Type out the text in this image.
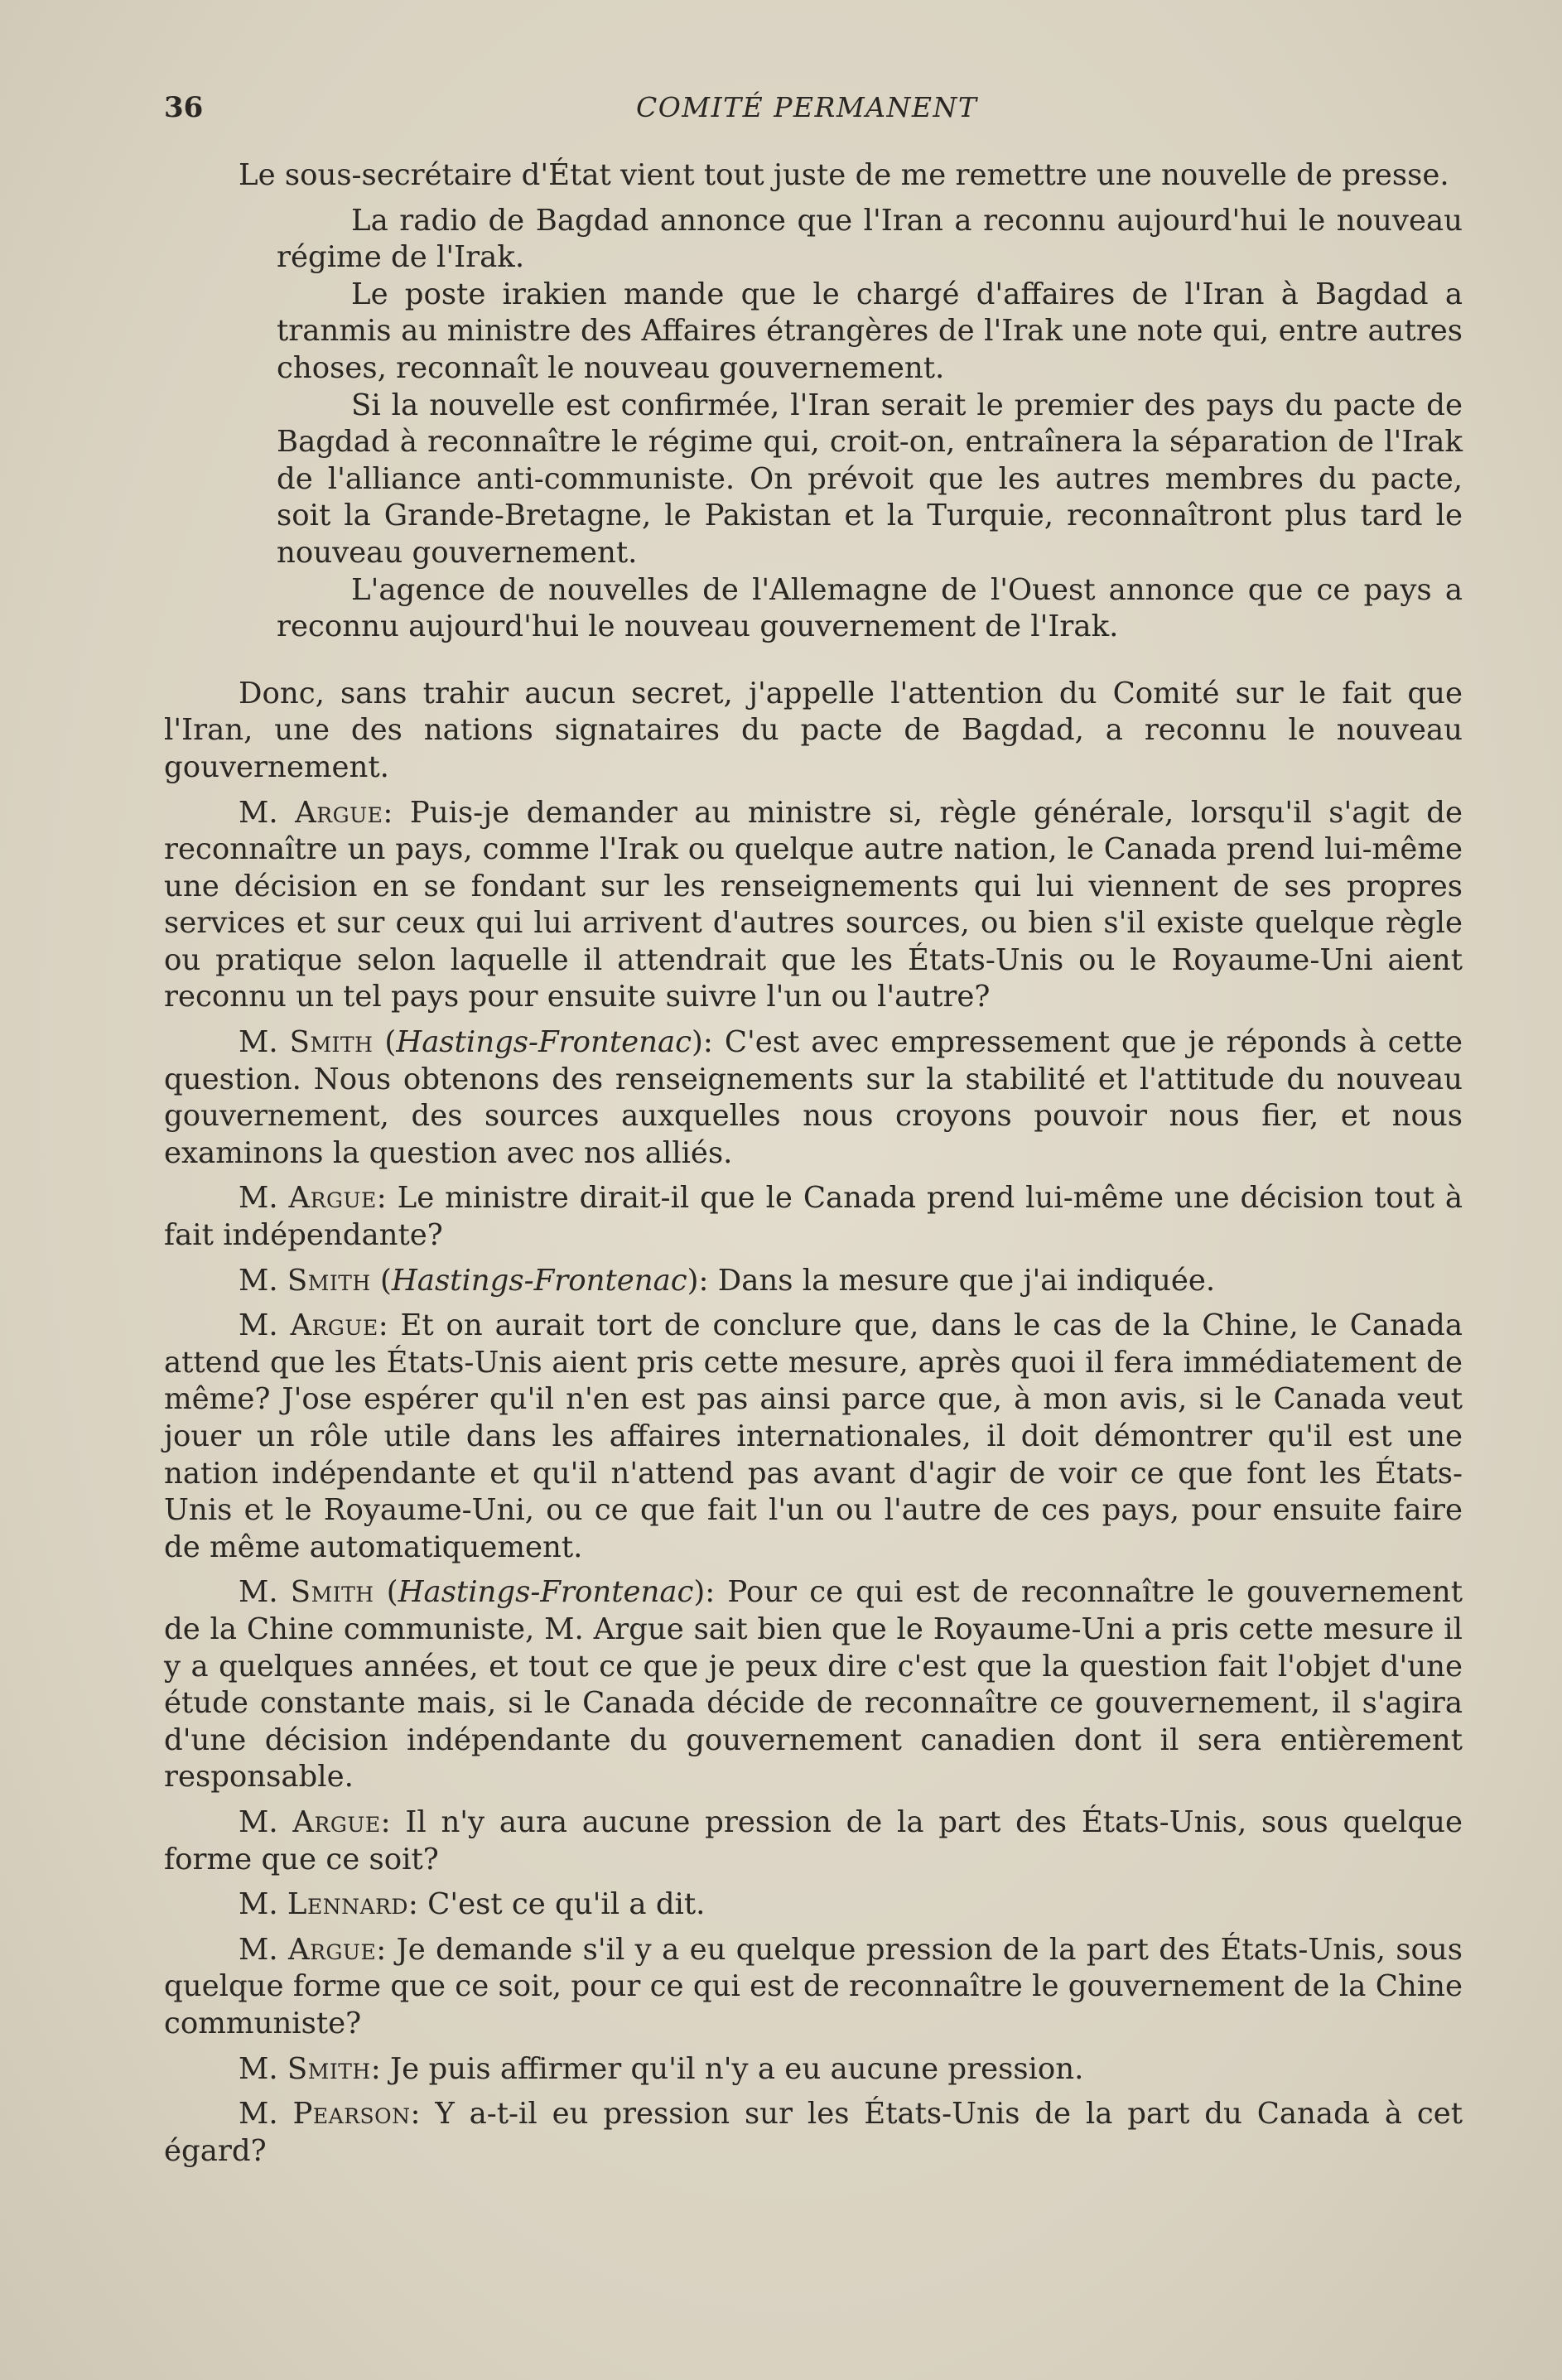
36	COMITÉ PERMANENT

Le sous-secrétaire d'État vient tout juste de me remettre une nouvelle de presse.

La radio de Bagdad annonce que l'Iran a reconnu aujourd'hui le nouveau régime de l'Irak.

Le poste irakien mande que le chargé d'affaires de l'Iran à Bagdad a tranmis au ministre des Affaires étrangères de l'Irak une note qui, entre autres choses, reconnaît le nouveau gouvernement.

Si la nouvelle est confirmée, l'Iran serait le premier des pays du pacte de Bagdad à reconnaître le régime qui, croit-on, entraînera la séparation de l'Irak de l'alliance anti-communiste. On prévoit que les autres membres du pacte, soit la Grande-Bretagne, le Pakistan et la Turquie, reconnaîtront plus tard le nouveau gouvernement.

L'agence de nouvelles de l'Allemagne de l'Ouest annonce que ce pays a reconnu aujourd'hui le nouveau gouvernement de l'Irak.

Donc, sans trahir aucun secret, j'appelle l'attention du Comité sur le fait que l'Iran, une des nations signataires du pacte de Bagdad, a reconnu le nouveau gouvernement.

M. Argue: Puis-je demander au ministre si, règle générale, lorsqu'il s'agit de reconnaître un pays, comme l'Irak ou quelque autre nation, le Canada prend lui-même une décision en se fondant sur les renseignements qui lui viennent de ses propres services et sur ceux qui lui arrivent d'autres sources, ou bien s'il existe quelque règle ou pratique selon laquelle il attendrait que les États-Unis ou le Royaume-Uni aient reconnu un tel pays pour ensuite suivre l'un ou l'autre?

M. Smith (Hastings-Frontenac): C'est avec empressement que je réponds à cette question. Nous obtenons des renseignements sur la stabilité et l'attitude du nouveau gouvernement, des sources auxquelles nous croyons pouvoir nous fier, et nous examinons la question avec nos alliés.

M. Argue: Le ministre dirait-il que le Canada prend lui-même une décision tout à fait indépendante?

M. Smith (Hastings-Frontenac): Dans la mesure que j'ai indiquée.

M. Argue: Et on aurait tort de conclure que, dans le cas de la Chine, le Canada attend que les États-Unis aient pris cette mesure, après quoi il fera immédiatement de même? J'ose espérer qu'il n'en est pas ainsi parce que, à mon avis, si le Canada veut jouer un rôle utile dans les affaires internationales, il doit démontrer qu'il est une nation indépendante et qu'il n'attend pas avant d'agir de voir ce que font les États-Unis et le Royaume-Uni, ou ce que fait l'un ou l'autre de ces pays, pour ensuite faire de même automatiquement.

M. Smith (Hastings-Frontenac): Pour ce qui est de reconnaître le gouvernement de la Chine communiste, M. Argue sait bien que le Royaume-Uni a pris cette mesure il y a quelques années, et tout ce que je peux dire c'est que la question fait l'objet d'une étude constante mais, si le Canada décide de reconnaître ce gouvernement, il s'agira d'une décision indépendante du gouvernement canadien dont il sera entièrement responsable.

M. Argue: Il n'y aura aucune pression de la part des États-Unis, sous quelque forme que ce soit?

M. Lennard: C'est ce qu'il a dit.

M. Argue: Je demande s'il y a eu quelque pression de la part des États-Unis, sous quelque forme que ce soit, pour ce qui est de reconnaître le gouvernement de la Chine communiste?

M. Smith: Je puis affirmer qu'il n'y a eu aucune pression.

M. Pearson: Y a-t-il eu pression sur les États-Unis de la part du Canada à cet égard?
